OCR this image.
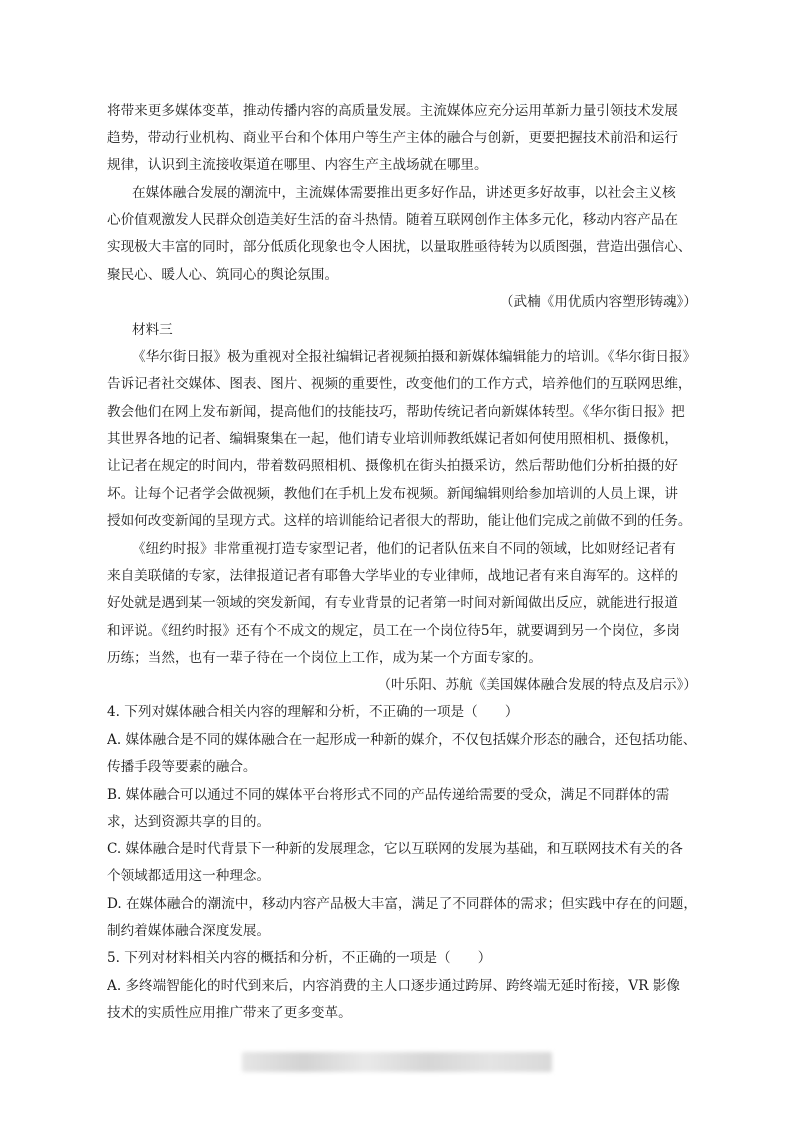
将带来更多媒体变革，推动传播内容的高质量发展。主流媒体应充分运用革新力量引领技术发展
趋势，带动行业机构、商业平台和个体用户等生产主体的融合与创新，更要把握技术前沿和运行
规律，认识到主流接收渠道在哪里、内容生产主战场就在哪里。
在媒体融合发展的潮流中，主流媒体需要推出更多好作品，讲述更多好故事，以社会主义核
心价值观激发人民群众创造美好生活的奋斗热情。随着互联网创作主体多元化，移动内容产品在
实现极大丰富的同时，部分低质化现象也令人困扰，以量取胜亟待转为以质图强，营造出强信心、
聚民心、暖人心、筑同心的舆论氛围。
（武楠《用优质内容塑形铸魂》）
材料三
《华尔街日报》极为重视对全报社编辑记者视频拍摄和新媒体编辑能力的培训。《华尔街日报》
告诉记者社交媒体、图表、图片、视频的重要性，改变他们的工作方式，培养他们的互联网思维，
教会他们在网上发布新闻，提高他们的技能技巧，帮助传统记者向新媒体转型。《华尔街日报》把
其世界各地的记者、编辑聚集在一起，他们请专业培训师教纸媒记者如何使用照相机、摄像机，
让记者在规定的时间内，带着数码照相机、摄像机在街头拍摄采访，然后帮助他们分析拍摄的好
坏。让每个记者学会做视频，教他们在手机上发布视频。新闻编辑则给参加培训的人员上课，讲
授如何改变新闻的呈现方式。这样的培训能给记者很大的帮助，能让他们完成之前做不到的任务。
《纽约时报》非常重视打造专家型记者，他们的记者队伍来自不同的领域，比如财经记者有
来自美联储的专家，法律报道记者有耶鲁大学毕业的专业律师，战地记者有来自海军的。这样的
好处就是遇到某一领域的突发新闻，有专业背景的记者第一时间对新闻做出反应，就能进行报道
和评说。《纽约时报》还有个不成文的规定，员工在一个岗位待5年，就要调到另一个岗位，多岗
历练；当然，也有一辈子待在一个岗位上工作，成为某一个方面专家的。
（叶乐阳、苏航《美国媒体融合发展的特点及启示》）
4. 下列对媒体融合相关内容的理解和分析，不正确的一项是（　　）
A. 媒体融合是不同的媒体融合在一起形成一种新的媒介，不仅包括媒介形态的融合，还包括功能、
传播手段等要素的融合。
B. 媒体融合可以通过不同的媒体平台将形式不同的产品传递给需要的受众，满足不同群体的需
求，达到资源共享的目的。
C. 媒体融合是时代背景下一种新的发展理念，它以互联网的发展为基础，和互联网技术有关的各
个领域都适用这一种理念。
D. 在媒体融合的潮流中，移动内容产品极大丰富，满足了不同群体的需求；但实践中存在的问题，
制约着媒体融合深度发展。
5. 下列对材料相关内容的概括和分析，不正确的一项是（　　）
A. 多终端智能化的时代到来后，内容消费的主人口逐步通过跨屏、跨终端无延时衔接，VR 影像
技术的实质性应用推广带来了更多变革。
